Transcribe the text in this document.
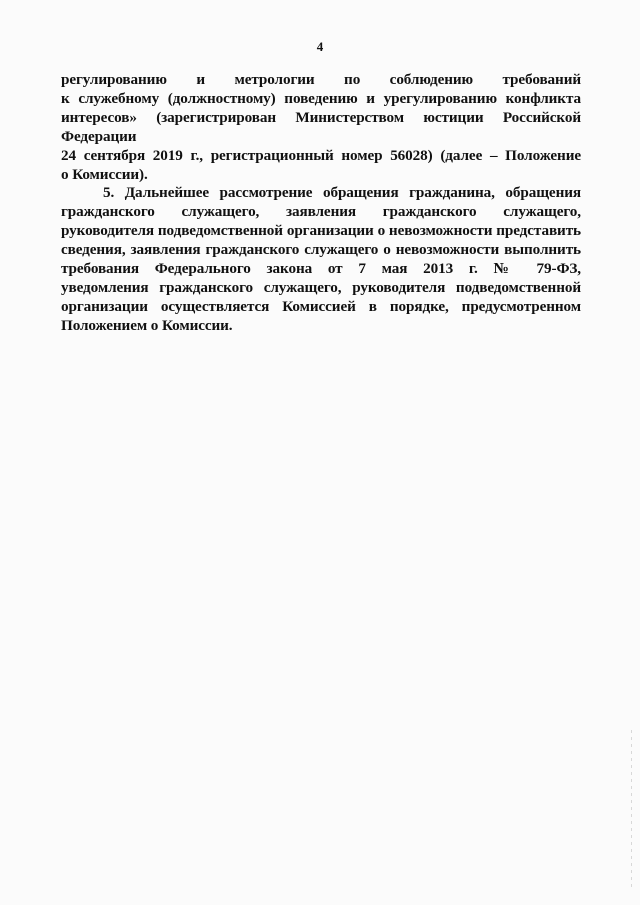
4
регулированию и метрологии по соблюдению требований
к служебному (должностному) поведению и урегулированию конфликта
интересов» (зарегистрирован Министерством юстиции Российской Федерации
24 сентября 2019 г., регистрационный номер 56028) (далее – Положение
о Комиссии).
5. Дальнейшее рассмотрение обращения гражданина, обращения
гражданского служащего, заявления гражданского служащего,
руководителя подведомственной организации о невозможности представить
сведения, заявления гражданского служащего о невозможности выполнить
требования Федерального закона от 7 мая 2013 г. № 79-ФЗ,
уведомления гражданского служащего, руководителя подведомственной
организации осуществляется Комиссией в порядке, предусмотренном
Положением о Комиссии.
